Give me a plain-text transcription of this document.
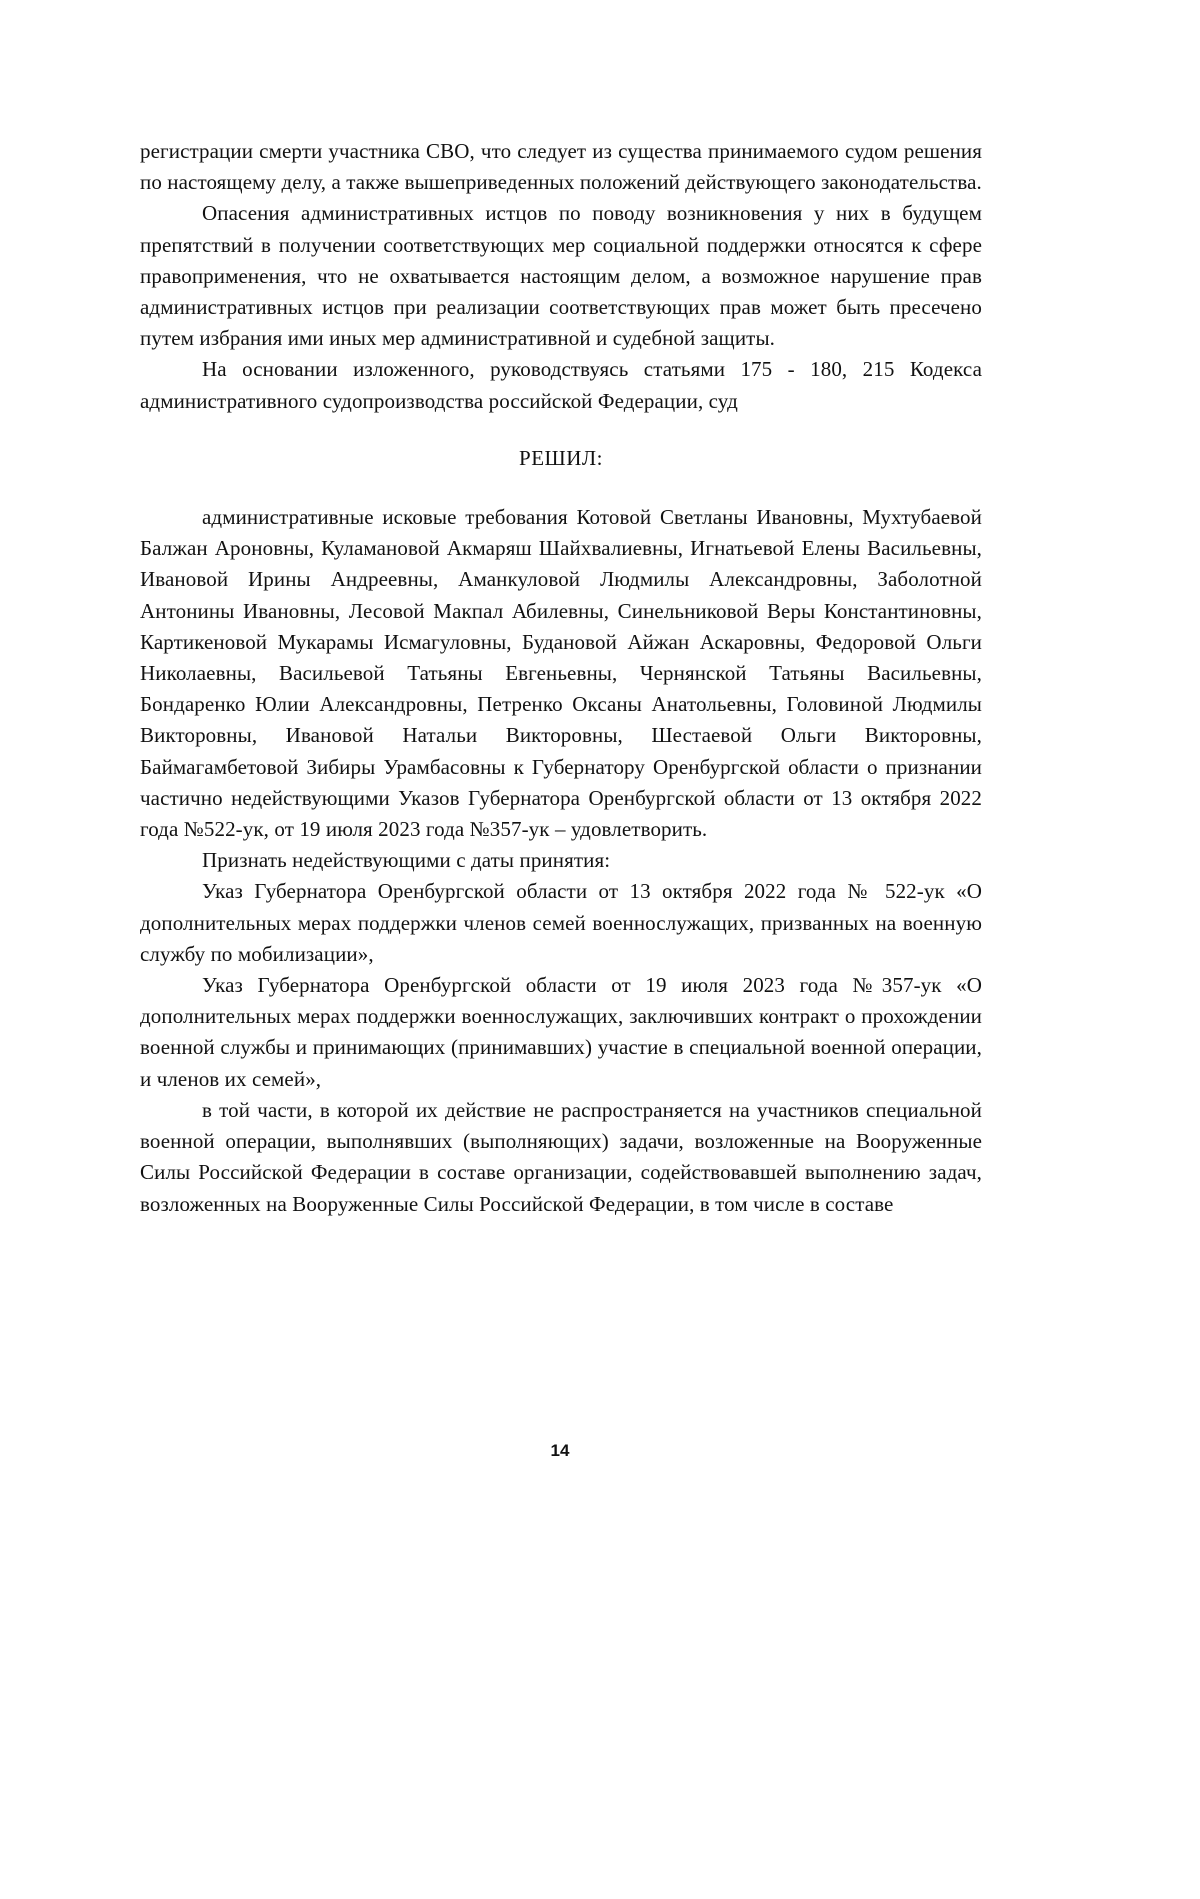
регистрации смерти участника СВО, что следует из существа принимаемого судом решения по настоящему делу, а также вышеприведенных положений действующего законодательства.

Опасения административных истцов по поводу возникновения у них в будущем препятствий в получении соответствующих мер социальной поддержки относятся к сфере правоприменения, что не охватывается настоящим делом, а возможное нарушение прав административных истцов при реализации соответствующих прав может быть пресечено путем избрания ими иных мер административной и судебной защиты.

На основании изложенного, руководствуясь статьями 175 - 180, 215 Кодекса административного судопроизводства российской Федерации, суд

РЕШИЛ:

административные исковые требования Котовой Светланы Ивановны, Мухтубаевой Балжан Ароновны, Куламановой Акмаряш Шайхвалиевны, Игнатьевой Елены Васильевны, Ивановой Ирины Андреевны, Аманкуловой Людмилы Александровны, Заболотной Антонины Ивановны, Лесовой Макпал Абилевны, Синельниковой Веры Константиновны, Картикеновой Мукарамы Исмагуловны, Будановой Айжан Аскаровны, Федоровой Ольги Николаевны, Васильевой Татьяны Евгеньевны, Чернянской Татьяны Васильевны, Бондаренко Юлии Александровны, Петренко Оксаны Анатольевны, Головиной Людмилы Викторовны, Ивановой Натальи Викторовны, Шестаевой Ольги Викторовны, Баймагамбетовой Зибиры Урамбасовны к Губернатору Оренбургской области о признании частично недействующими Указов Губернатора Оренбургской области от 13 октября 2022 года №522-ук, от 19 июля 2023 года №357-ук – удовлетворить.

Признать недействующими с даты принятия:

Указ Губернатора Оренбургской области от 13 октября 2022 года № 522-ук «О дополнительных мерах поддержки членов семей военнослужащих, призванных на военную службу по мобилизации»,

Указ Губернатора Оренбургской области от 19 июля 2023 года №357-ук «О дополнительных мерах поддержки военнослужащих, заключивших контракт о прохождении военной службы и принимающих (принимавших) участие в специальной военной операции, и членов их семей»,

в той части, в которой их действие не распространяется на участников специальной военной операции, выполнявших (выполняющих) задачи, возложенные на Вооруженные Силы Российской Федерации в составе организации, содействовавшей выполнению задач, возложенных на Вооруженные Силы Российской Федерации, в том числе в составе

14
